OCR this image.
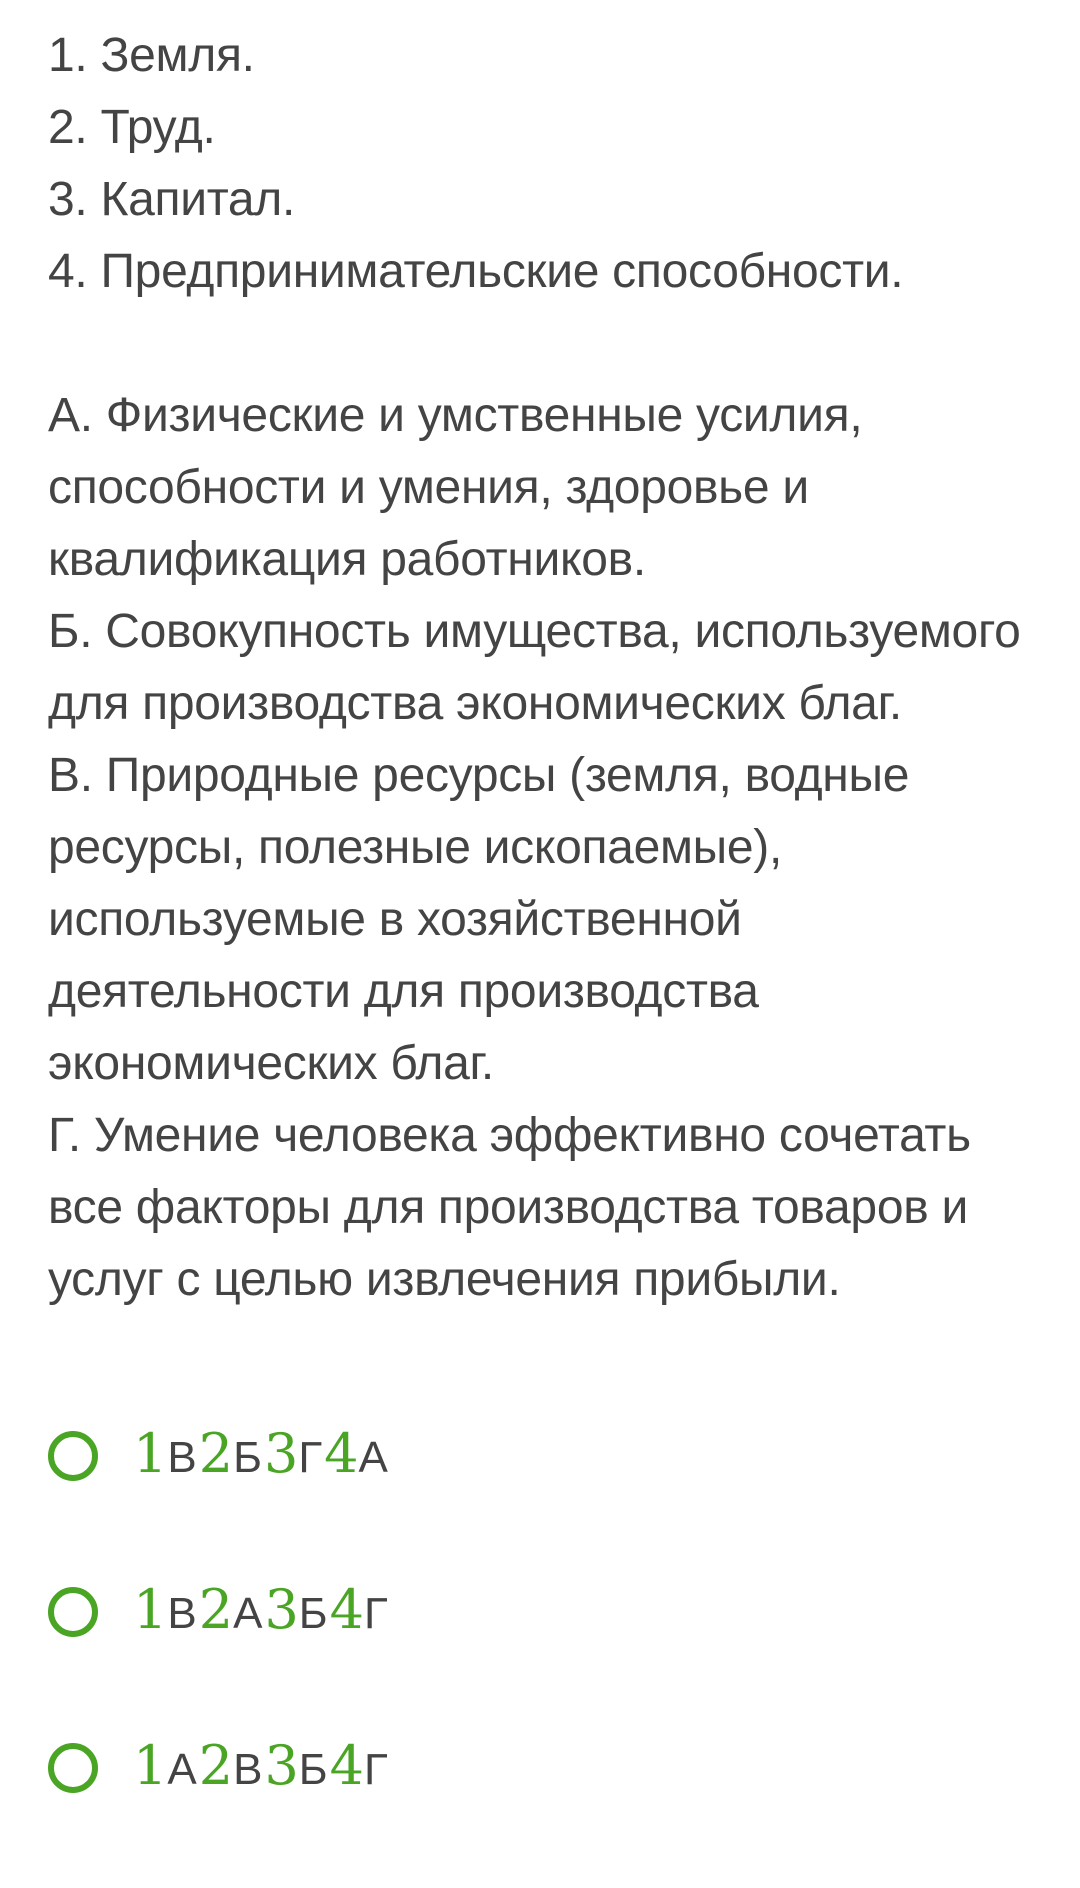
1. Земля.
2. Труд.
3. Капитал.
4. Предпринимательские способности.
А. Физические и умственные усилия,
способности и умения, здоровье и
квалификация работников.
Б. Совокупность имущества, используемого
для производства экономических благ.
В. Природные ресурсы (земля, водные
ресурсы, полезные ископаемые),
используемые в хозяйственной
деятельности для производства
экономических благ.
Г. Умение человека эффективно сочетать
все факторы для производства товаров и
услуг с целью извлечения прибыли.
1 В 2 Б 3 Г 4 А
1 В 2 А 3 Б 4 Г
1 А 2 В 3 Б 4 Г
